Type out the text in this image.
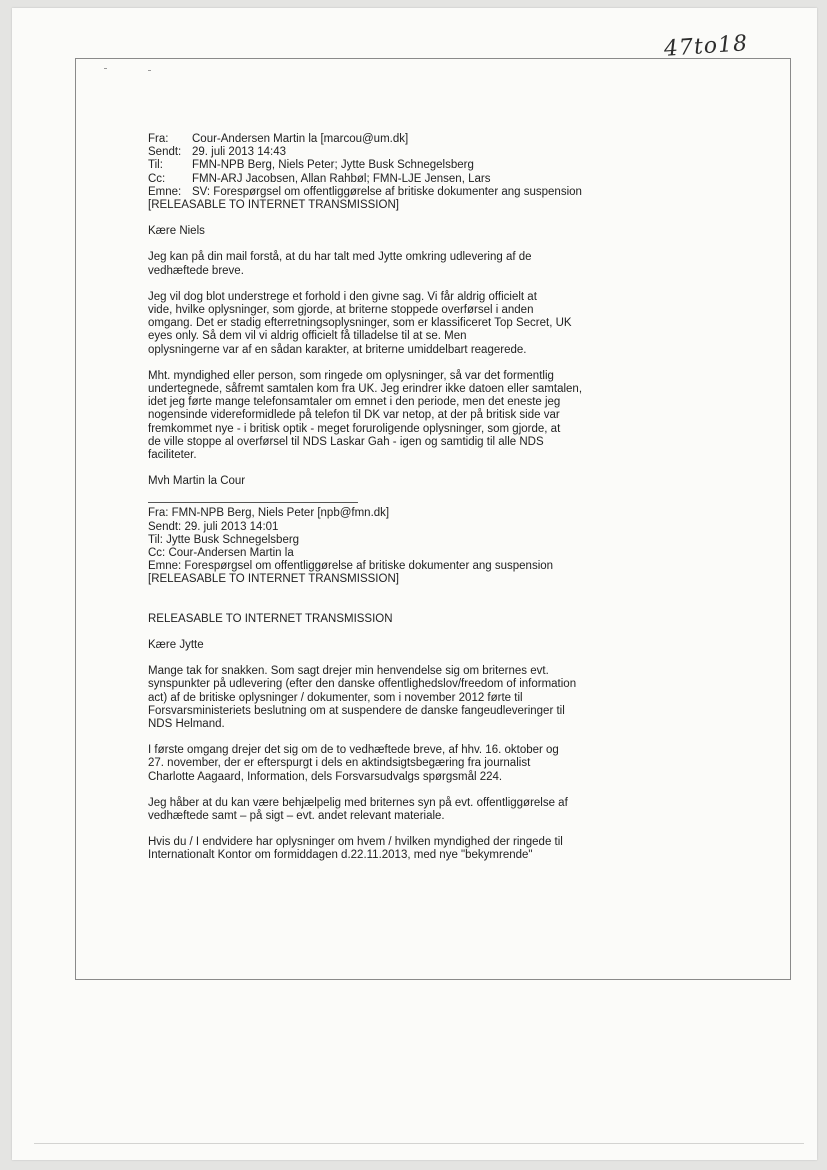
47to18
Fra: Cour-Andersen Martin la [marcou@um.dk]
Sendt: 29. juli 2013 14:43
Til:	FMN-NPB Berg, Niels Peter; Jytte Busk Schnegelsberg
Cc: FMN-ARJ Jacobsen, Allan Rahbøl; FMN-LJE Jensen, Lars
Emne: SV: Forespørgsel om offentliggørelse af britiske dokumenter ang suspension
[RELEASABLE TO INTERNET TRANSMISSION]

Kære Niels

Jeg kan på din mail forstå, at du har talt med Jytte omkring udlevering af de

vedhæftede breve.

Jeg vil dog blot understrege et forhold i den givne sag. Vi får aldrig officielt at

vide, hvilke oplysninger, som gjorde, at briterne stoppede overførsel i anden

omgang. Det er stadig efterretningsoplysninger, som er klassificeret Top Secret, UK

eyes only. Så dem vil vi aldrig officielt få tilladelse til at se. Men

oplysningerne var af en sådan karakter, at briterne umiddelbart reagerede.

Mht. myndighed eller person, som ringede om oplysninger, så var det formentlig

undertegnede, såfremt samtalen kom fra UK. Jeg erindrer ikke datoen eller samtalen,

idet jeg førte mange telefonsamtaler om emnet i den periode, men det eneste jeg

nogensinde videreformidlede på telefon til DK var netop, at der på britisk side var

fremkommet nye - i britisk optik - meget foruroligende oplysninger, som gjorde, at

de ville stoppe al overførsel til NDS Laskar Gah - igen og samtidig til alle NDS

faciliteter.

Mvh Martin la Cour

Fra: FMN-NPB Berg, Niels Peter [npb@fmn.dk]

Sendt: 29. juli 2013 14:01

Til: Jytte Busk Schnegelsberg

Cc: Cour-Andersen Martin la

Emne: Forespørgsel om offentliggørelse af britiske dokumenter ang suspension

[RELEASABLE TO INTERNET TRANSMISSION]

RELEASABLE TO INTERNET TRANSMISSION

Kære Jytte

Mange tak for snakken. Som sagt drejer min henvendelse sig om briternes evt.

synspunkter på udlevering (efter den danske offentlighedslov/freedom of information

act) af de britiske oplysninger / dokumenter, som i november 2012 førte til

Forsvarsministeriets beslutning om at suspendere de danske fangeudleveringer til

NDS Helmand.

I første omgang drejer det sig om de to vedhæftede breve, af hhv. 16. oktober og

27. november, der er efterspurgt i dels en aktindsigtsbegæring fra journalist

Charlotte Aagaard, Information, dels Forsvarsudvalgs spørgsmål 224.

Jeg håber at du kan være behjælpelig med briternes syn på evt. offentliggørelse af

vedhæftede samt – på sigt – evt. andet relevant materiale.

Hvis du / I endvidere har oplysninger om hvem / hvilken myndighed der ringede til

Internationalt Kontor om formiddagen d.22.11.2013, med nye "bekymrende"
